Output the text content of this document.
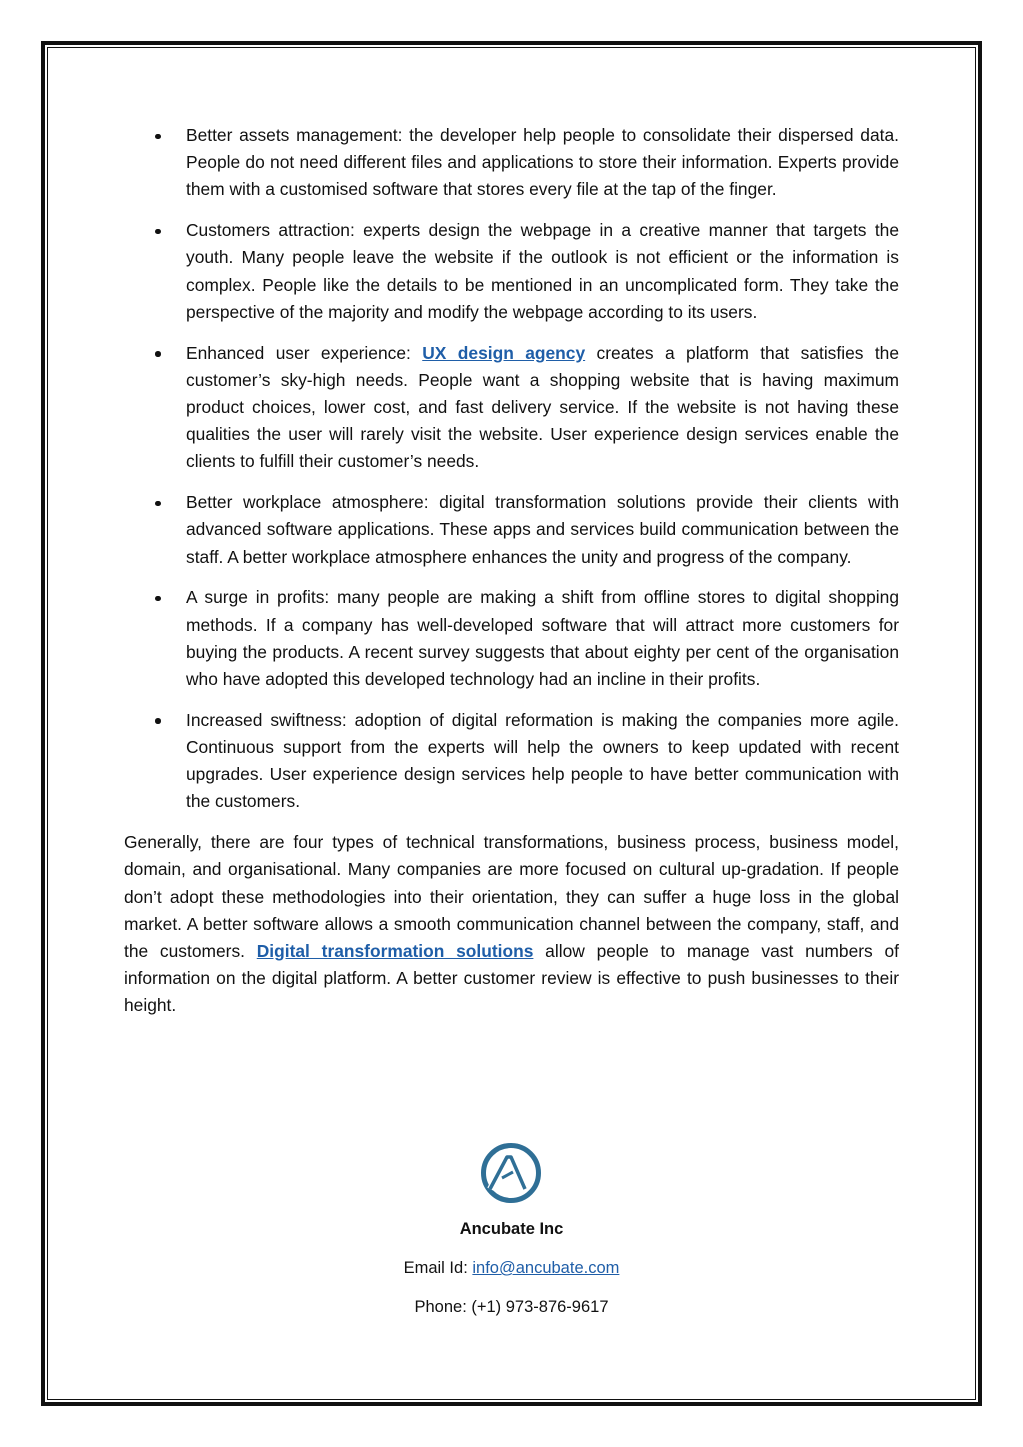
Better assets management: the developer help people to consolidate their dispersed data. People do not need different files and applications to store their information. Experts provide them with a customised software that stores every file at the tap of the finger.
Customers attraction: experts design the webpage in a creative manner that targets the youth. Many people leave the website if the outlook is not efficient or the information is complex. People like the details to be mentioned in an uncomplicated form. They take the perspective of the majority and modify the webpage according to its users.
Enhanced user experience: UX design agency creates a platform that satisfies the customer’s sky-high needs. People want a shopping website that is having maximum product choices, lower cost, and fast delivery service. If the website is not having these qualities the user will rarely visit the website. User experience design services enable the clients to fulfill their customer’s needs.
Better workplace atmosphere: digital transformation solutions provide their clients with advanced software applications. These apps and services build communication between the staff. A better workplace atmosphere enhances the unity and progress of the company.
A surge in profits: many people are making a shift from offline stores to digital shopping methods. If a company has well-developed software that will attract more customers for buying the products. A recent survey suggests that about eighty per cent of the organisation who have adopted this developed technology had an incline in their profits.
Increased swiftness: adoption of digital reformation is making the companies more agile. Continuous support from the experts will help the owners to keep updated with recent upgrades. User experience design services help people to have better communication with the customers.

Generally, there are four types of technical transformations, business process, business model, domain, and organisational. Many companies are more focused on cultural up-gradation. If people don’t adopt these methodologies into their orientation, they can suffer a huge loss in the global market. A better software allows a smooth communication channel between the company, staff, and the customers. Digital transformation solutions allow people to manage vast numbers of information on the digital platform. A better customer review is effective to push businesses to their height.

Ancubate Inc
Email Id: info@ancubate.com
Phone: (+1) 973-876-9617
